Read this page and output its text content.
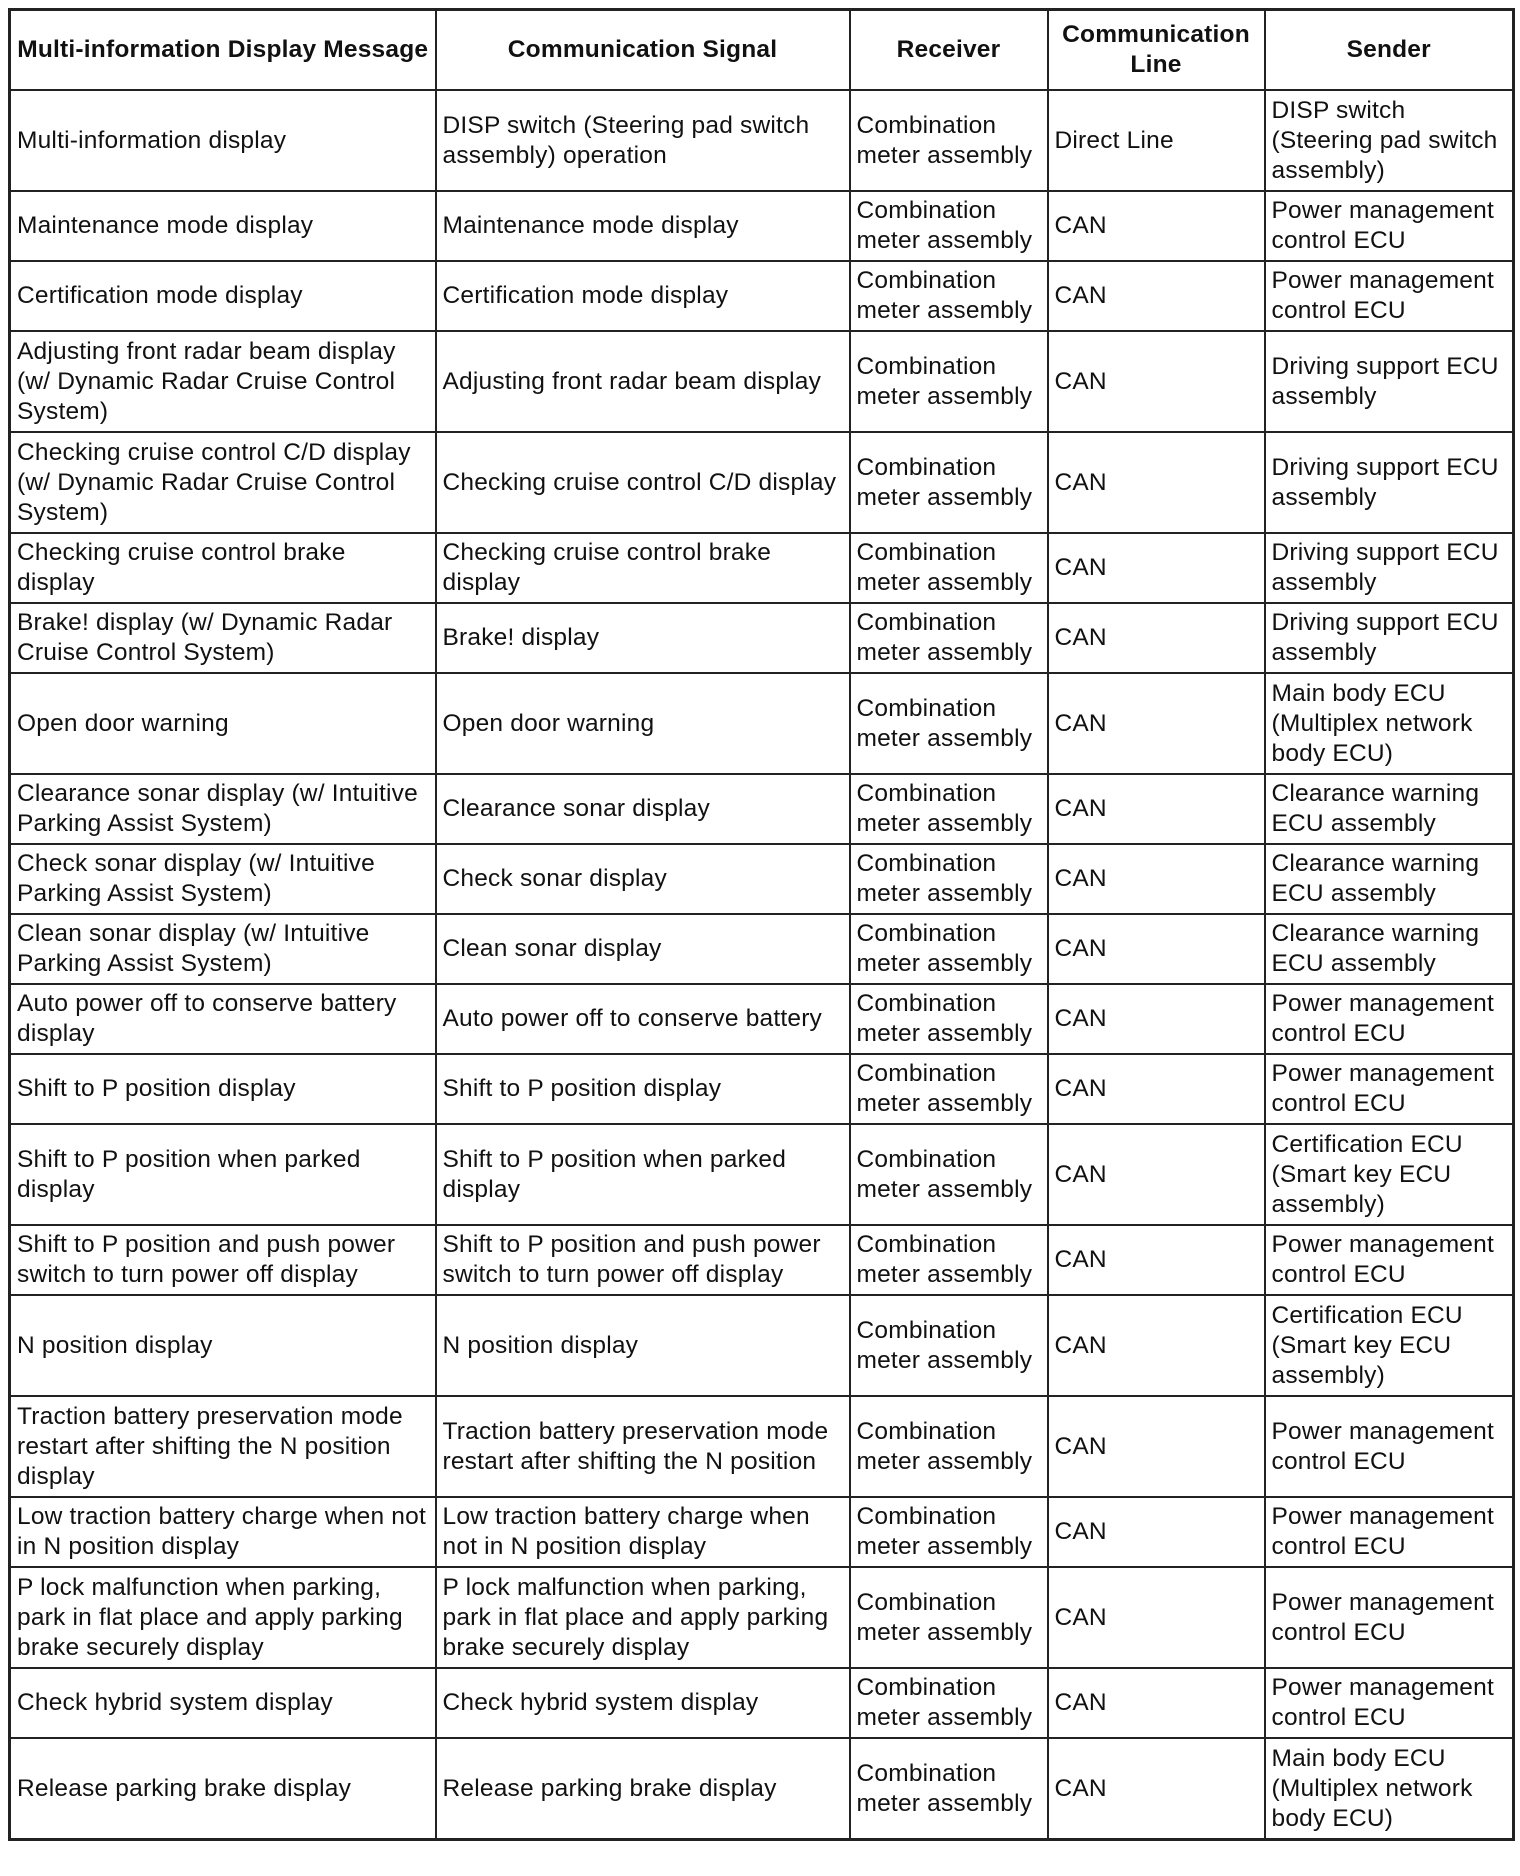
Multi-information Display Message	Communication Signal	Receiver	Communication Line	Sender
Multi-information display	DISP switch (Steering pad switch assembly) operation	Combination meter assembly	Direct Line	DISP switch (Steering pad switch assembly)
Maintenance mode display	Maintenance mode display	Combination meter assembly	CAN	Power management control ECU
Certification mode display	Certification mode display	Combination meter assembly	CAN	Power management control ECU
Adjusting front radar beam display (w/ Dynamic Radar Cruise Control System)	Adjusting front radar beam display	Combination meter assembly	CAN	Driving support ECU assembly
Checking cruise control C/D display (w/ Dynamic Radar Cruise Control System)	Checking cruise control C/D display	Combination meter assembly	CAN	Driving support ECU assembly
Checking cruise control brake display	Checking cruise control brake display	Combination meter assembly	CAN	Driving support ECU assembly
Brake! display (w/ Dynamic Radar Cruise Control System)	Brake! display	Combination meter assembly	CAN	Driving support ECU assembly
Open door warning	Open door warning	Combination meter assembly	CAN	Main body ECU (Multiplex network body ECU)
Clearance sonar display (w/ Intuitive Parking Assist System)	Clearance sonar display	Combination meter assembly	CAN	Clearance warning ECU assembly
Check sonar display (w/ Intuitive Parking Assist System)	Check sonar display	Combination meter assembly	CAN	Clearance warning ECU assembly
Clean sonar display (w/ Intuitive Parking Assist System)	Clean sonar display	Combination meter assembly	CAN	Clearance warning ECU assembly
Auto power off to conserve battery display	Auto power off to conserve battery	Combination meter assembly	CAN	Power management control ECU
Shift to P position display	Shift to P position display	Combination meter assembly	CAN	Power management control ECU
Shift to P position when parked display	Shift to P position when parked display	Combination meter assembly	CAN	Certification ECU (Smart key ECU assembly)
Shift to P position and push power switch to turn power off display	Shift to P position and push power switch to turn power off display	Combination meter assembly	CAN	Power management control ECU
N position display	N position display	Combination meter assembly	CAN	Certification ECU (Smart key ECU assembly)
Traction battery preservation mode restart after shifting the N position display	Traction battery preservation mode restart after shifting the N position	Combination meter assembly	CAN	Power management control ECU
Low traction battery charge when not in N position display	Low traction battery charge when not in N position display	Combination meter assembly	CAN	Power management control ECU
P lock malfunction when parking, park in flat place and apply parking brake securely display	P lock malfunction when parking, park in flat place and apply parking brake securely display	Combination meter assembly	CAN	Power management control ECU
Check hybrid system display	Check hybrid system display	Combination meter assembly	CAN	Power management control ECU
Release parking brake display	Release parking brake display	Combination meter assembly	CAN	Main body ECU (Multiplex network body ECU)
